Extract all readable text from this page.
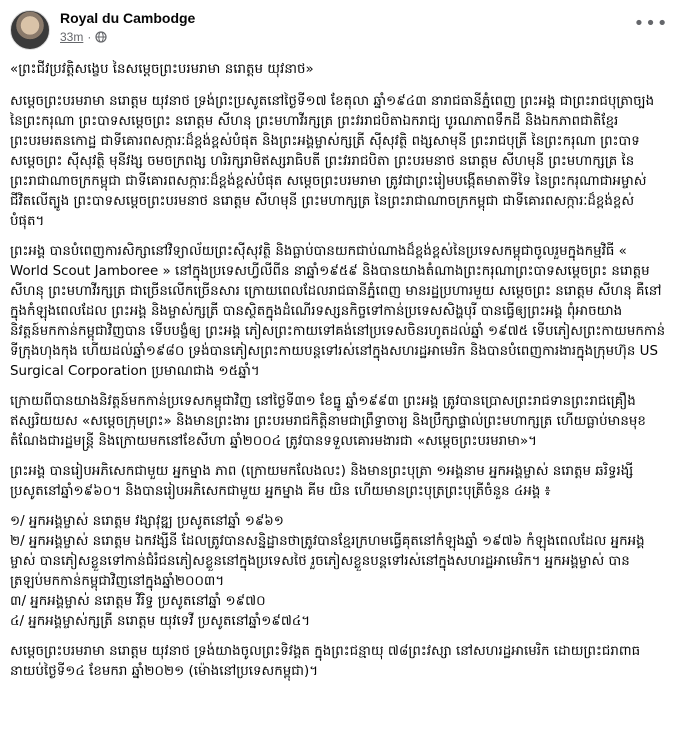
Royal du Cambodge
33m ·
•••

«ព្រះជីវប្រវត្តិសង្ខេប នៃសម្ដេចព្រះបរមរាមា នរោត្ដម យុវនាថ»

សម្ដេចព្រះបរមរាមា នរោត្ដម យុវនាថ ទ្រង់ព្រះប្រសូតនៅថ្ងៃទី១៧ ខែតុលា ឆ្នាំ១៩៤៣ នារាជធានីភ្នំពេញ ព្រះអង្គ ជាព្រះរាជបុត្រាច្បង នៃព្រះករុណា ព្រះបាទសម្ដេចព្រះ នរោត្ដម សីហនុ ព្រះមហាវីរក្សត្រ ព្រះវររាជបិតាឯករាជ្យ បូរណភាពទឹកដី និងឯកភាពជាតិខ្មែរ ព្រះបរមរតនកោដ្ឋ ជាទីគោរពសក្ការៈដ៏ខ្ពង់ខ្ពស់បំផុត និងព្រះអង្គម្ចាស់ក្សត្រី ស៊ីសុវត្ថិ ពង្សសាមុនី ព្រះរាជបុត្រី នៃព្រះករុណា ព្រះបាទសម្ដេចព្រះ ស៊ីសុវត្ថិ មុនីវង្ស ចមចក្រពង្ស ហរិរក្សរាមិឥស្សរាធិបតី ព្រះវររាជបិតា ព្រះបរមនាថ នរោត្ដម សីហមុនី ព្រះមហាក្សត្រ នៃព្រះរាជាណាចក្រកម្ពុជា ជាទីគោរពសក្ការៈដ៏ខ្ពង់ខ្ពស់បំផុត សម្ដេចព្រះបរមរាមា ត្រូវជាព្រះរៀមបង្កើតមាតាទីទៃ នៃព្រះករុណាជាអម្ចាស់ជីវិតលើត្បូង ព្រះបាទសម្ដេចព្រះបរមនាថ នរោត្ដម សីហមុនី ព្រះមហាក្សត្រ នៃព្រះរាជាណាចក្រកម្ពុជា ជាទីគោរពសក្ការៈដ៏ខ្ពង់ខ្ពស់បំផុត។

ព្រះអង្គ បានបំពេញការសិក្សានៅវិទ្យាល័យព្រះស៊ីសុវត្ថិ និងធ្លាប់បានយកជាប់ណាងដ៏ខ្ពង់ខ្ពស់នៃប្រទេសកម្ពុជាចូលរួមក្នុងកម្មវិធី « World Scout Jamboree » នៅក្នុងប្រទេសហ្វីលីពីន នាឆ្នាំ១៩៥៩ និងបានយាងតំណាងព្រះករុណាព្រះបាទសម្ដេចព្រះ នរោត្ដម សីហនុ ព្រះមហាវីរក្សត្រ ជាច្រើនលើកច្រើនសារ ក្រោយពេលដែលរាជធានីភ្នំពេញ មានរដ្ឋប្រហារមួយ សម្ដេចព្រះ នរោត្ដម សីហនុ គឺនៅក្នុងកំឡុងពេលដែល ព្រះអង្គ និងម្ចាស់ក្សត្រី បានស្ថិតក្នុងដំណើរទស្សនកិច្ចទៅកាន់ប្រទេសសិង្ហបុរី បានធ្វើឲ្យព្រះអង្គ ពុំអាចយាងនិវត្តន៍មកកាន់កម្ពុជាវិញបាន ទើបបង្ខំឲ្យ ព្រះអង្គ ភៀសព្រះកាយទៅគង់នៅប្រទេសចិនរហូតដល់ឆ្នាំ ១៩៧៥ ទើបភៀសព្រះកាយមកកាន់ទីក្រុងហុងកុង ហើយដល់ឆ្នាំ១៩៨០ ទ្រង់បានភៀសព្រះកាយបន្តទៅរស់នៅក្នុងសហរដ្ឋអាមេរិក និងបានបំពេញការងារក្នុងក្រុមហ៊ុន US Surgical Corporation ប្រមាណជាង ១៥ឆ្នាំ។

ក្រោយពីបានយាងនិវត្តន៍មកកាន់ប្រទេសកម្ពុជាវិញ នៅថ្ងៃទី៣១ ខែធ្នូ ឆ្នាំ១៩៩៣ ព្រះអង្គ ត្រូវបានប្រោសព្រះរាជទានព្រះរាជគ្រឿងឥស្សរិយយស «សម្ដេចក្រុមព្រះ» និងមានព្រះងារ ព្រះបរមរាជកិត្តិនាមជាព្រឹទ្ធាចារ្យ និងប្រឹក្សាផ្ទាល់ព្រះមហាក្សត្រ ហើយធ្លាប់មានមុខតំណែងជារដ្ឋមន្ត្រី និងក្រោយមកនៅខែសីហា ឆ្នាំ២០០៤ ត្រូវបានទទួលគោរមងារជា «សម្ដេចព្រះបរមរាមា»។

ព្រះអង្គ បានរៀបអភិសេកជាមួយ អ្នកម្នាង ភាព (ក្រោយមកលែងលះ) និងមានព្រះបុត្រា ១អង្គនាម អ្នកអង្គម្ចាស់ នរោត្តម ឆរិទ្ធរង្សី ប្រសូតនៅឆ្នាំ១៩៦០។ និងបានរៀបអភិសេកជាមួយ អ្នកម្នាង គីម យិន ហើយមានព្រះបុត្រព្រះបុត្រីចំនួន ៤អង្គ ៖

១/ អ្នកអង្គម្ចាស់ នរោត្តម វង្សាវុឌ្ឍ ប្រសូតនៅឆ្នាំ ១៩៦១
២/ អ្នកអង្គម្ចាស់ នរោត្តម ឯកវង្សីនី ដែលត្រូវបានសន្និដ្ឋានថាត្រូវបានខ្មែរក្រហមធ្វើគុតនៅកំឡុងឆ្នាំ ១៩៧៦ កំឡុងពេលដែល អ្នកអង្គម្ចាស់ បានភៀសខ្លួនទៅកាន់ជំរំជនភៀសខ្លួននៅក្នុងប្រទេសថៃ រួចភៀសខ្លួនបន្តទៅរស់នៅក្នុងសហរដ្ឋអាមេរិក។ អ្នកអង្គម្ចាស់ បានត្រឡប់មកកាន់កម្ពុជាវិញនៅក្នុងឆ្នាំ២០០៣។
៣/ អ្នកអង្គម្ចាស់ នរោត្តម វិរិទ្ធ ប្រសូតនៅឆ្នាំ ១៩៧០
៤/ អ្នកអង្គម្ចាស់ក្សត្រី នរោត្តម យុវទេវី ប្រសូតនៅឆ្នាំ១៩៧៤។

សម្ដេចព្រះបរមរាមា នរោត្ដម យុវនាថ ទ្រង់យាងចូលព្រះទិវង្គត ក្នុងព្រះជន្មាយុ ៧៨ព្រះវស្សា នៅសហរដ្ឋអាមេរិក ដោយព្រះជរាពាធ នាយប់ថ្ងៃទី១៤ ខែមករា ឆ្នាំ២០២១ (ម៉ោងនៅប្រទេសកម្ពុជា)។
